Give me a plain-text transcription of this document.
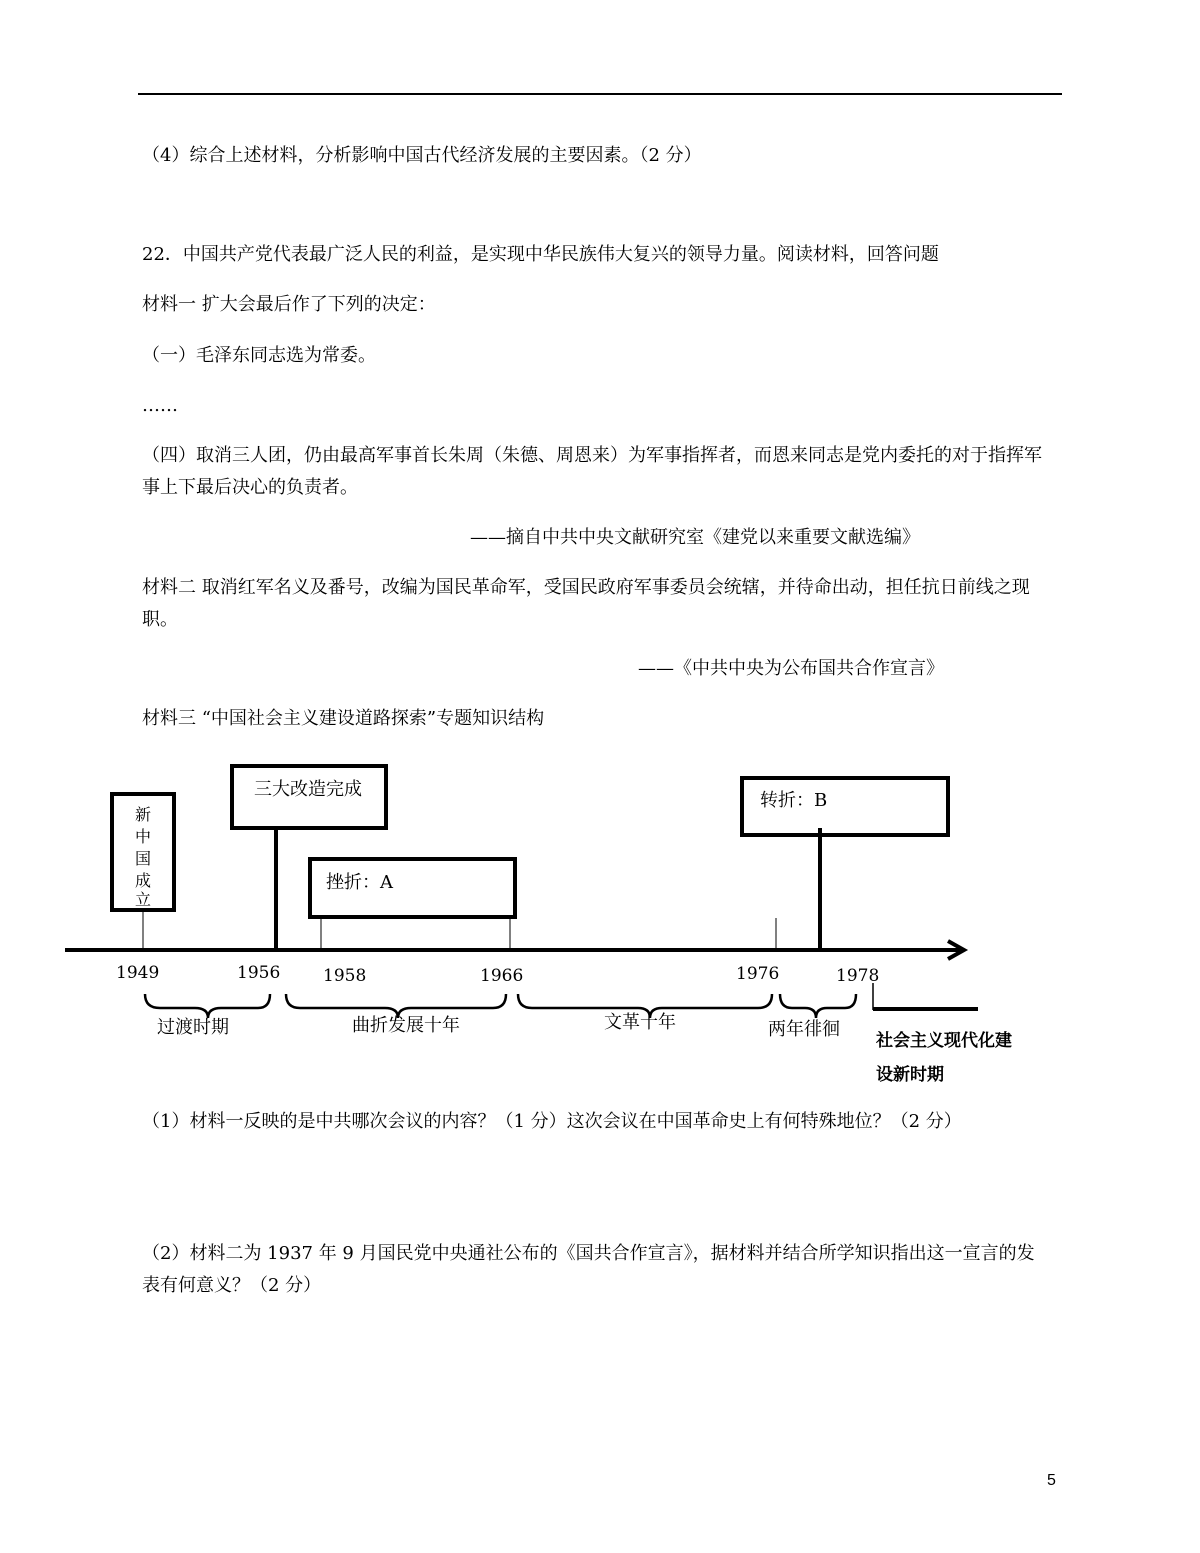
（4）综合上述材料，分析影响中国古代经济发展的主要因素。（2 分）
22．中国共产党代表最广泛人民的利益，是实现中华民族伟大复兴的领导力量。阅读材料，回答问题
材料一 扩大会最后作了下列的决定：
（一）毛泽东同志选为常委。
……
（四）取消三人团，仍由最高军事首长朱周（朱德、周恩来）为军事指挥者，而恩来同志是党内委托的对于指挥军事上下最后决心的负责者。
——摘自中共中央文献研究室《建党以来重要文献选编》
材料二 取消红军名义及番号，改编为国民革命军，受国民政府军事委员会统辖，并待命出动，担任抗日前线之现职。
——《中共中央为公布国共合作宣言》
材料三 “中国社会主义建设道路探索”专题知识结构
新
中
国
成
立
三大改造完成
挫折：A
转折：B
1949	1956	1958	1966	1976	1978
过渡时期	曲折发展十年	文革十年	两年徘徊
社会主义现代化建
设新时期
（1）材料一反映的是中共哪次会议的内容？（1 分）这次会议在中国革命史上有何特殊地位？（2 分）
（2）材料二为 1937 年 9 月国民党中央通社公布的《国共合作宣言》，据材料并结合所学知识指出这一宣言的发表有何意义？（2 分）
5
